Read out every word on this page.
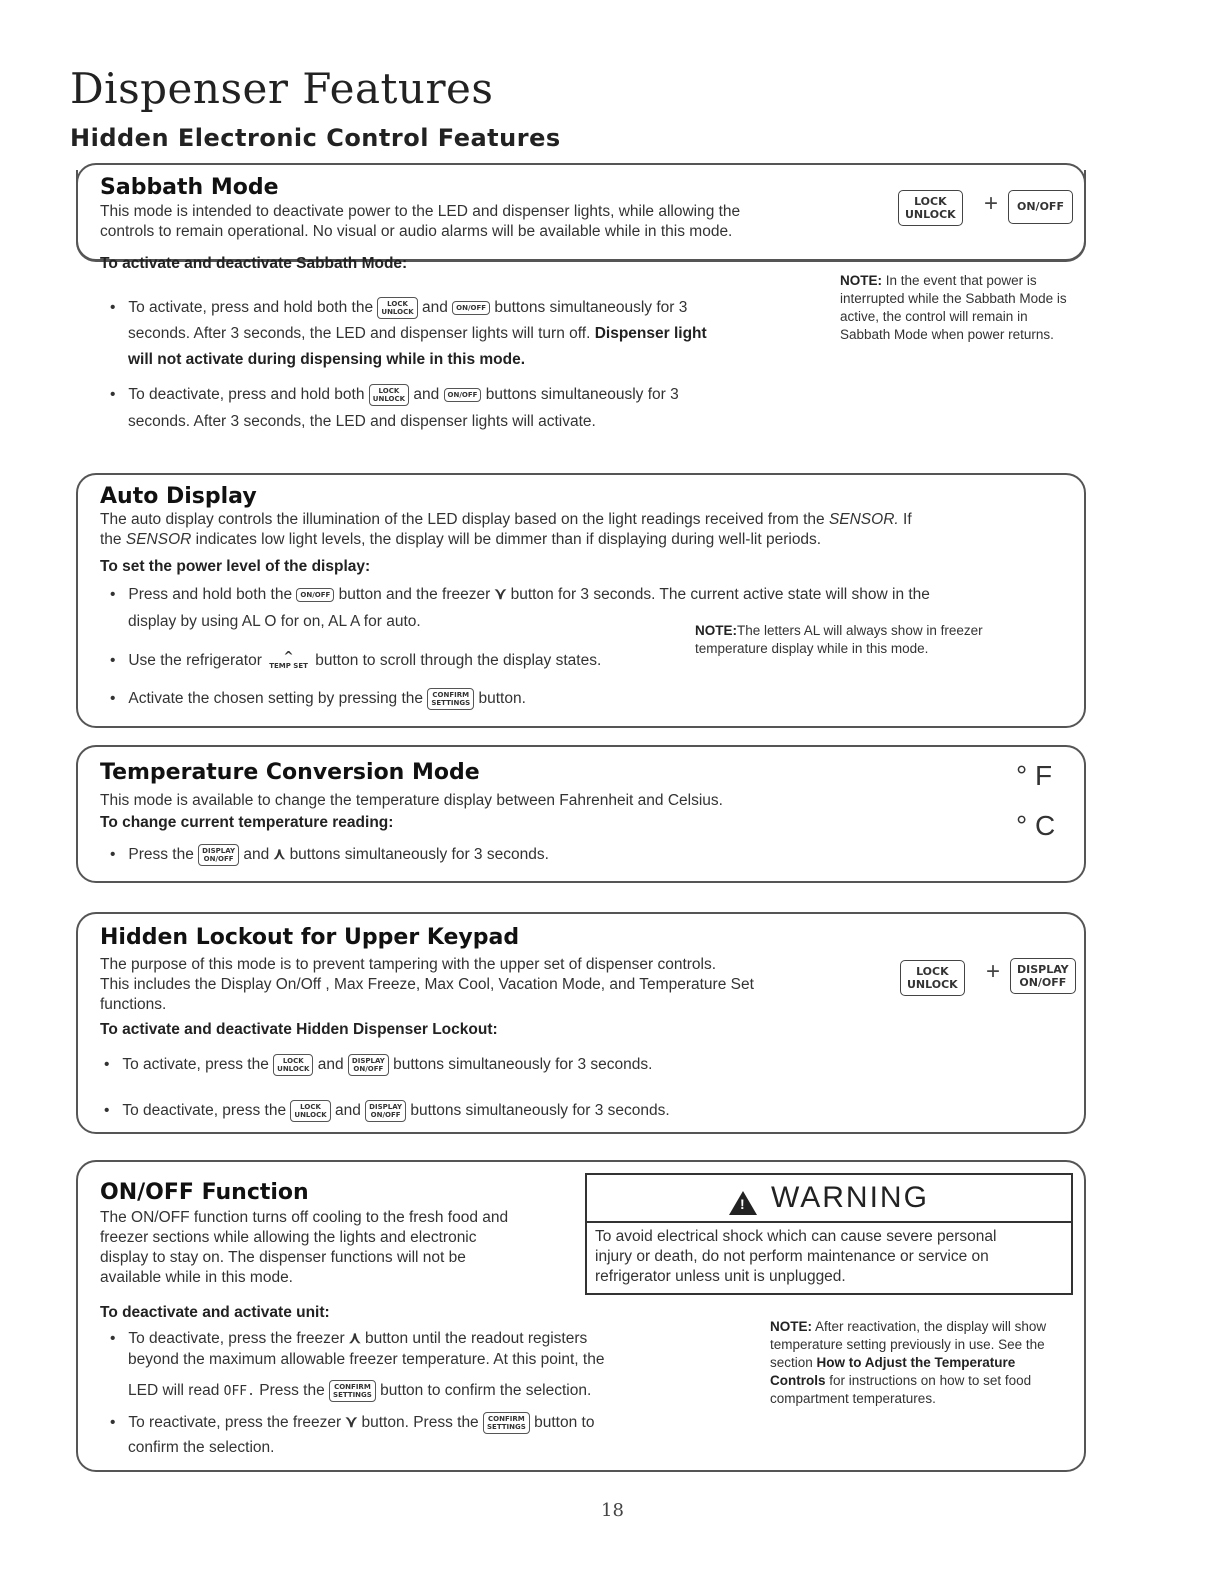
Dispenser Features
Hidden Electronic Control Features
Sabbath Mode
This mode is intended to deactivate power to the LED and dispenser lights, while allowing the
controls to remain operational. No visual or audio alarms will be available while in this mode.
LOCK
UNLOCK +	ON/OFF
To activate and deactivate Sabbath Mode:
•   To activate, press and hold both the LOCK
UNLOCK and ON/OFF buttons simultaneously for 3
seconds. After 3 seconds, the LED and dispenser lights will turn off. Dispenser light
will not activate during dispensing while in this mode.
•   To deactivate, press and hold both LOCK
UNLOCK and ON/OFF buttons simultaneously for 3
seconds. After 3 seconds, the LED and dispenser lights will activate.
NOTE: In the event that power is interrupted while the Sabbath Mode is active, the control will remain in Sabbath Mode when power returns.
Auto Display
The auto display controls the illumination of the LED display based on the light readings received from the SENSOR. If
the SENSOR indicates low light levels, the display will be dimmer than if displaying during well-lit periods.
To set the power level of the display:
•   Press and hold both the ON/OFF button and the freezer ⋎ button for 3 seconds. The current active state will show in the
display by using AL O for on, AL A for auto.
•   Use the refrigerator ^
TEMP SET button to scroll through the display states.
•   Activate the chosen setting by pressing the CONFIRM
SETTINGS button.
NOTE:The letters AL will always show in freezer temperature display while in this mode.
Temperature Conversion Mode
This mode is available to change the temperature display between Fahrenheit and Celsius.
To change current temperature reading:
•   Press the DISPLAY
ON/OFF and ⋏ buttons simultaneously for 3 seconds.
° F
° C
Hidden Lockout for Upper Keypad
The purpose of this mode is to prevent tampering with the upper set of dispenser controls.
This includes the Display On/Off , Max Freeze, Max Cool, Vacation Mode, and Temperature Set
functions.
To activate and deactivate Hidden Dispenser Lockout:
LOCK
UNLOCK +	DISPLAY
ON/OFF
•   To activate, press the LOCK
UNLOCK and DISPLAY
ON/OFF buttons simultaneously for 3 seconds.
•   To deactivate, press the LOCK
UNLOCK and DISPLAY
ON/OFF buttons simultaneously for 3 seconds.
ON/OFF Function
The ON/OFF function turns off cooling to the fresh food and
freezer sections while allowing the lights and electronic
display to stay on. The dispenser functions will not be
available while in this mode.
!WARNING
To avoid electrical shock which can cause severe personal
injury or death, do not perform maintenance or service on
refrigerator unless unit is unplugged.
To deactivate and activate unit:
•   To deactivate, press the freezer ⋏ button until the readout registers
beyond the maximum allowable freezer temperature. At this point, the
LED will read OFF. Press the CONFIRM
SETTINGS button to confirm the selection.
•   To reactivate, press the freezer ⋎ button. Press the CONFIRM
SETTINGS button to
confirm the selection.
NOTE: After reactivation, the display will show temperature setting previously in use. See the section How to Adjust the Temperature Controls for instructions on how to set food compartment temperatures.
18
